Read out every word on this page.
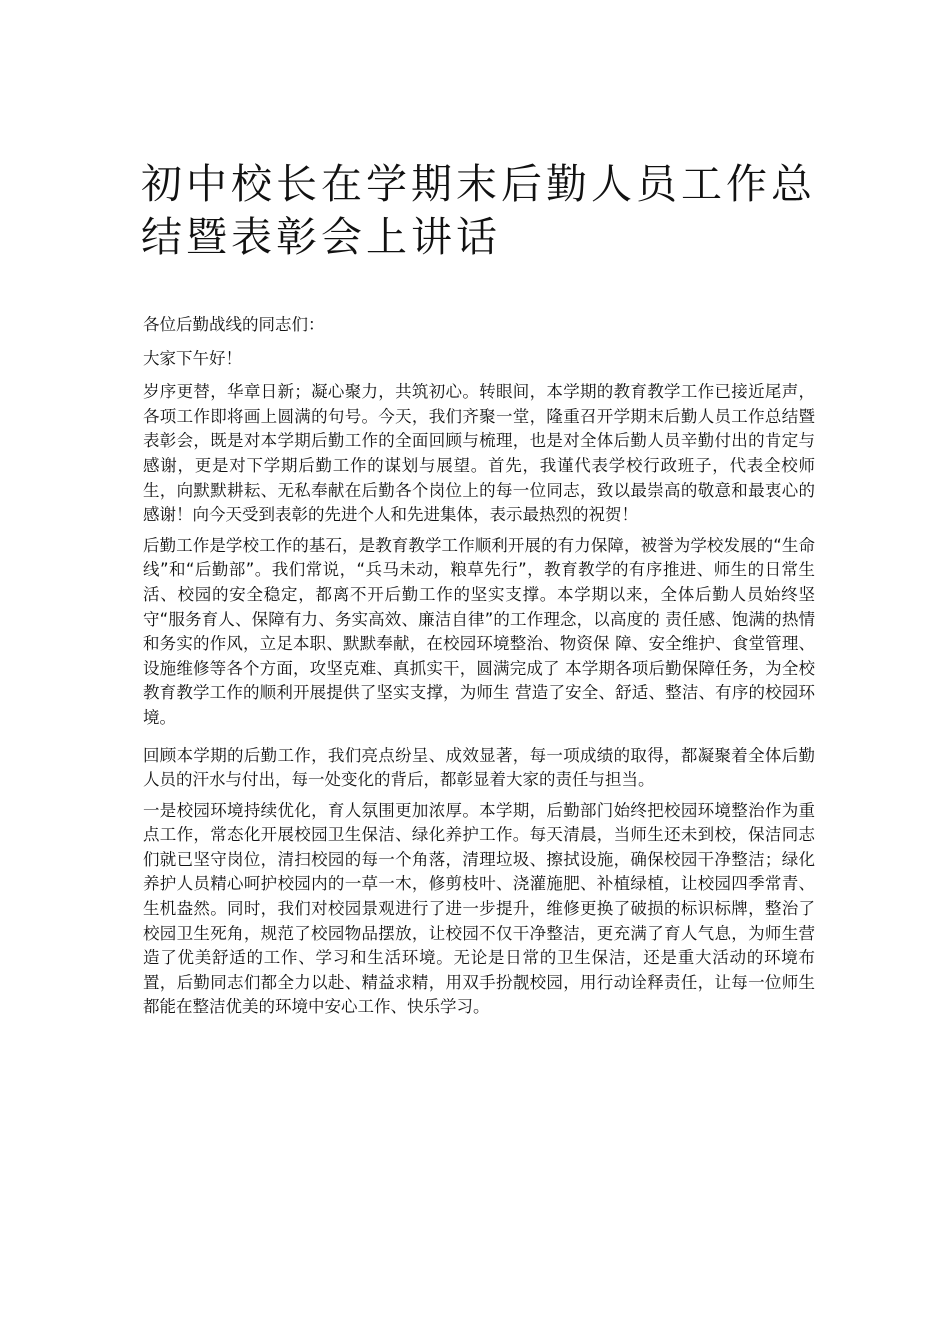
初中校长在学期末后勤人员工作总结暨表彰会上讲话

各位后勤战线的同志们：

大家下午好！

岁序更替，华章日新；凝心聚力，共筑初心。转眼间，本学期的教育教学工作已接近尾声，各项工作即将画上圆满的句号。今天，我们齐聚一堂，隆重召开学期末后勤人员工作总结暨表彰会，既是对本学期后勤工作的全面回顾与梳理，也是对全体后勤人员辛勤付出的肯定与感谢，更是对下学期后勤工作的谋划与展望。首先，我谨代表学校行政班子，代表全校师生，向默默耕耘、无私奉献在后勤各个岗位上的每一位同志，致以最崇高的敬意和最衷心的感谢！向今天受到表彰的先进个人和先进集体，表示最热烈的祝贺！

后勤工作是学校工作的基石，是教育教学工作顺利开展的有力保障，被誉为学校发展的“生命线”和“后勤部”。我们常说，“兵马未动，粮草先行”，教育教学的有序推进、师生的日常生活、校园的安全稳定，都离不开后勤工作的坚实支撑。本学期以来，全体后勤人员始终坚守“服务育人、保障有力、务实高效、廉洁自律”的工作理念，以高度的 责任感、饱满的热情和务实的作风，立足本职、默默奉献，在校园环境整治、物资保 障、安全维护、食堂管理、设施维修等各个方面，攻坚克难、真抓实干，圆满完成了 本学期各项后勤保障任务，为全校教育教学工作的顺利开展提供了坚实支撑，为师生 营造了安全、舒适、整洁、有序的校园环境。

回顾本学期的后勤工作，我们亮点纷呈、成效显著，每一项成绩的取得，都凝聚着全体后勤人员的汗水与付出，每一处变化的背后，都彰显着大家的责任与担当。

一是校园环境持续优化，育人氛围更加浓厚。本学期，后勤部门始终把校园环境整治作为重点工作，常态化开展校园卫生保洁、绿化养护工作。每天清晨，当师生还未到校，保洁同志们就已坚守岗位，清扫校园的每一个角落，清理垃圾、擦拭设施，确保校园干净整洁；绿化养护人员精心呵护校园内的一草一木，修剪枝叶、浇灌施肥、补植绿植，让校园四季常青、生机盎然。同时，我们对校园景观进行了进一步提升，维修更换了破损的标识标牌，整治了校园卫生死角，规范了校园物品摆放，让校园不仅干净整洁，更充满了育人气息，为师生营造了优美舒适的工作、学习和生活环境。无论是日常的卫生保洁，还是重大活动的环境布置，后勤同志们都全力以赴、精益求精，用双手扮靓校园，用行动诠释责任，让每一位师生都能在整洁优美的环境中安心工作、快乐学习。
